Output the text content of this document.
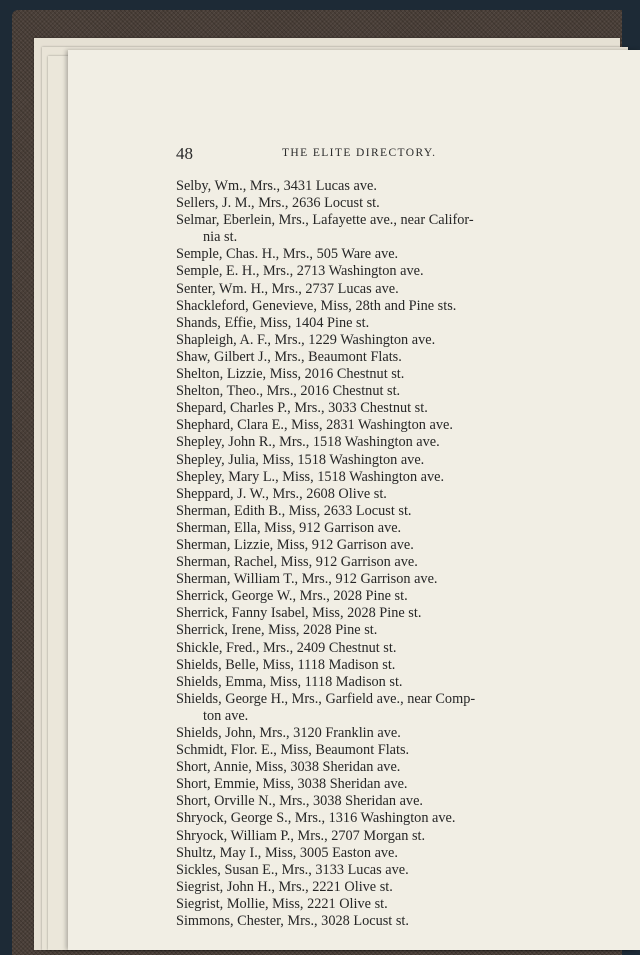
48	THE ELITE DIRECTORY.

Selby, Wm., Mrs., 3431 Lucas ave.

Sellers, J. M., Mrs., 2636 Locust st.

Selmar, Eberlein, Mrs., Lafayette ave., near Califor-

nia st.

Semple, Chas. H., Mrs., 505 Ware ave.

Semple, E. H., Mrs., 2713 Washington ave.

Senter, Wm. H., Mrs., 2737 Lucas ave.

Shackleford, Genevieve, Miss, 28th and Pine sts.

Shands, Effie, Miss, 1404 Pine st.

Shapleigh, A. F., Mrs., 1229 Washington ave.

Shaw, Gilbert J., Mrs., Beaumont Flats.

Shelton, Lizzie, Miss, 2016 Chestnut st.

Shelton, Theo., Mrs., 2016 Chestnut st.

Shepard, Charles P., Mrs., 3033 Chestnut st.

Shephard, Clara E., Miss, 2831 Washington ave.

Shepley, John R., Mrs., 1518 Washington ave.

Shepley, Julia, Miss, 1518 Washington ave.

Shepley, Mary L., Miss, 1518 Washington ave.

Sheppard, J. W., Mrs., 2608 Olive st.

Sherman, Edith B., Miss, 2633 Locust st.

Sherman, Ella, Miss, 912 Garrison ave.

Sherman, Lizzie, Miss, 912 Garrison ave.

Sherman, Rachel, Miss, 912 Garrison ave.

Sherman, William T., Mrs., 912 Garrison ave.

Sherrick, George W., Mrs., 2028 Pine st.

Sherrick, Fanny Isabel, Miss, 2028 Pine st.

Sherrick, Irene, Miss, 2028 Pine st.

Shickle, Fred., Mrs., 2409 Chestnut st.

Shields, Belle, Miss, 1118 Madison st.

Shields, Emma, Miss, 1118 Madison st.

Shields, George H., Mrs., Garfield ave., near Comp-

ton ave.

Shields, John, Mrs., 3120 Franklin ave.

Schmidt, Flor. E., Miss, Beaumont Flats.

Short, Annie, Miss, 3038 Sheridan ave.

Short, Emmie, Miss, 3038 Sheridan ave.

Short, Orville N., Mrs., 3038 Sheridan ave.

Shryock, George S., Mrs., 1316 Washington ave.

Shryock, William P., Mrs., 2707 Morgan st.

Shultz, May I., Miss, 3005 Easton ave.

Sickles, Susan E., Mrs., 3133 Lucas ave.

Siegrist, John H., Mrs., 2221 Olive st.

Siegrist, Mollie, Miss, 2221 Olive st.

Simmons, Chester, Mrs., 3028 Locust st.
